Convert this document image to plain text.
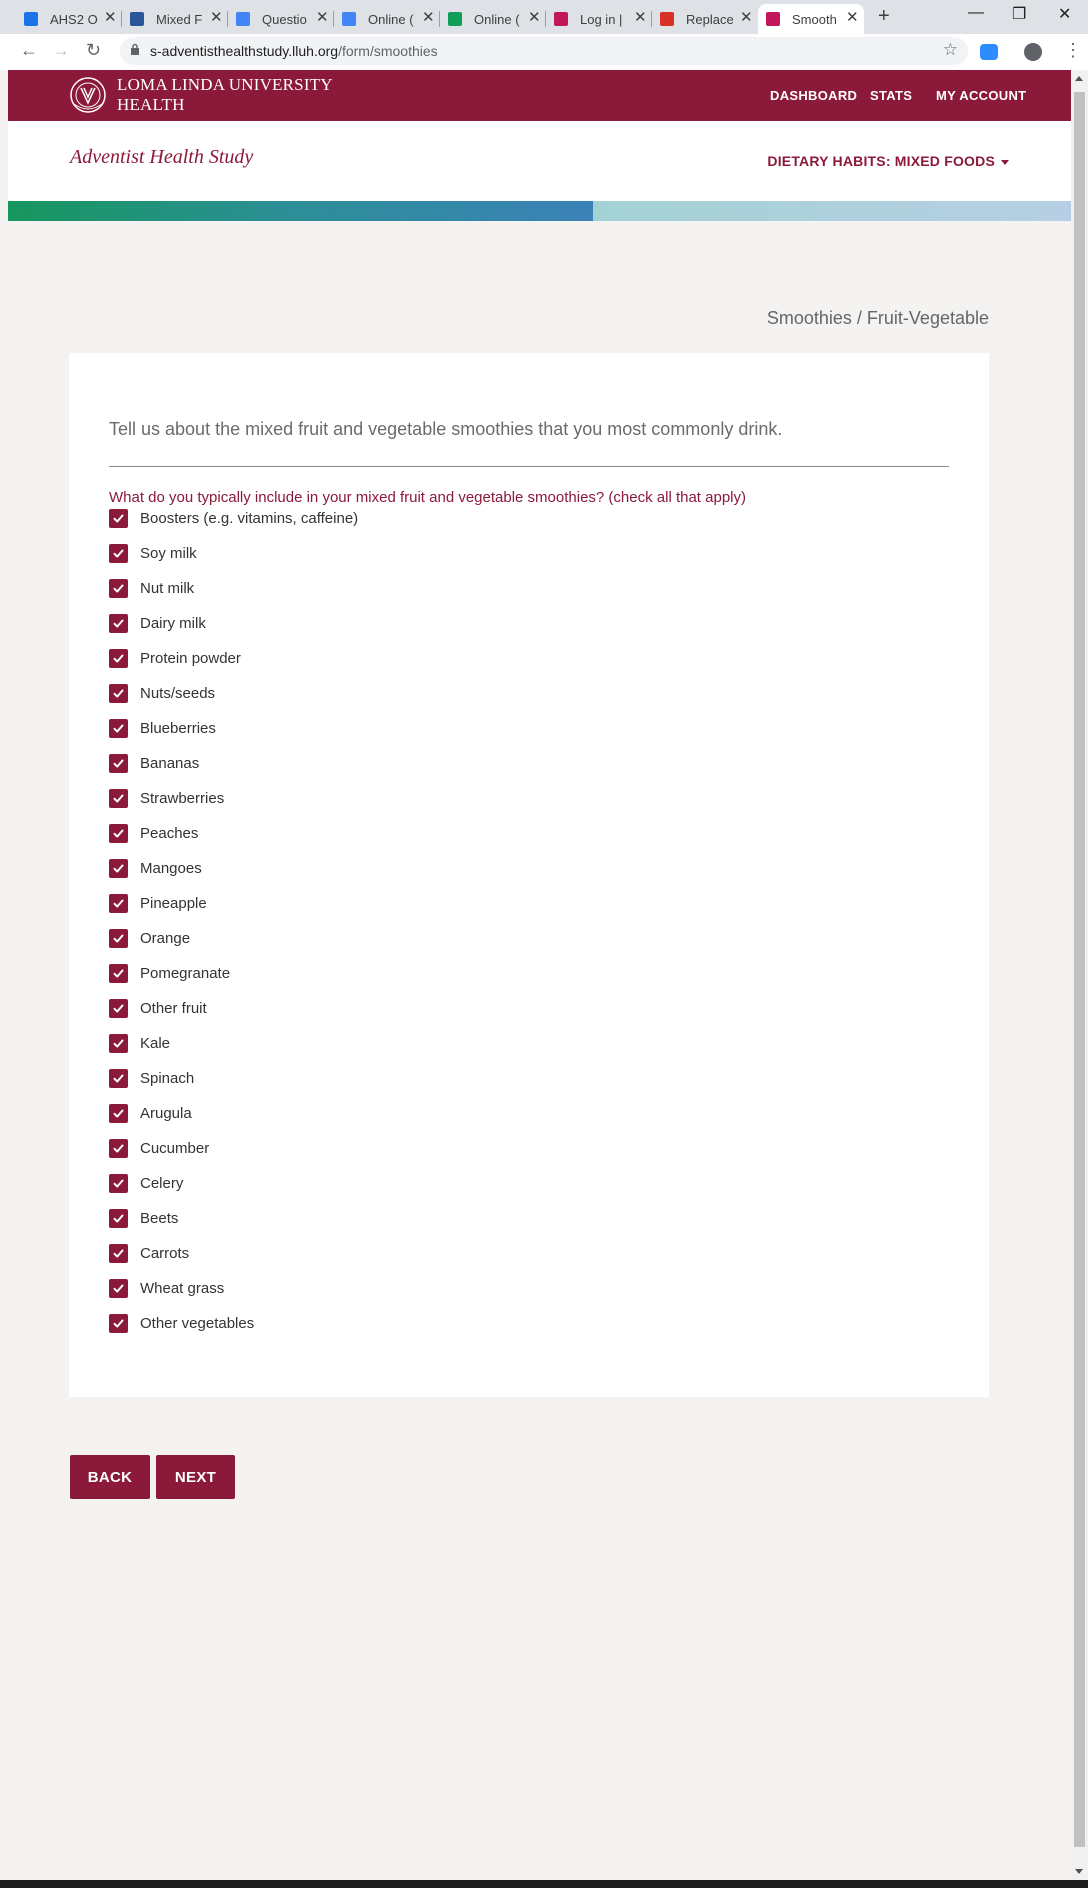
AHS2 O ✕	Mixed F ✕	Questio ✕	Online ( ✕	Online ( ✕	Log in | ✕	Replace ✕	Smooth ✕ +	— ❐ ✕
← → ↻	s-adventisthealthstudy.lluh.org/form/smoothies	☆	⋮
LOMA LINDA UNIVERSITY
HEALTH	DASHBOARD STATS MY ACCOUNT
Adventist Health Study	DIETARY HABITS: MIXED FOODS
Smoothies / Fruit-Vegetable
Tell us about the mixed fruit and vegetable smoothies that you most commonly drink.
What do you typically include in your mixed fruit and vegetable smoothies? (check all that apply)
Boosters (e.g. vitamins, caffeine)
Soy milk
Nut milk
Dairy milk
Protein powder
Nuts/seeds
Blueberries
Bananas
Strawberries
Peaches
Mangoes
Pineapple
Orange
Pomegranate
Other fruit
Kale
Spinach
Arugula
Cucumber
Celery
Beets
Carrots
Wheat grass
Other vegetables
BACK	NEXT
